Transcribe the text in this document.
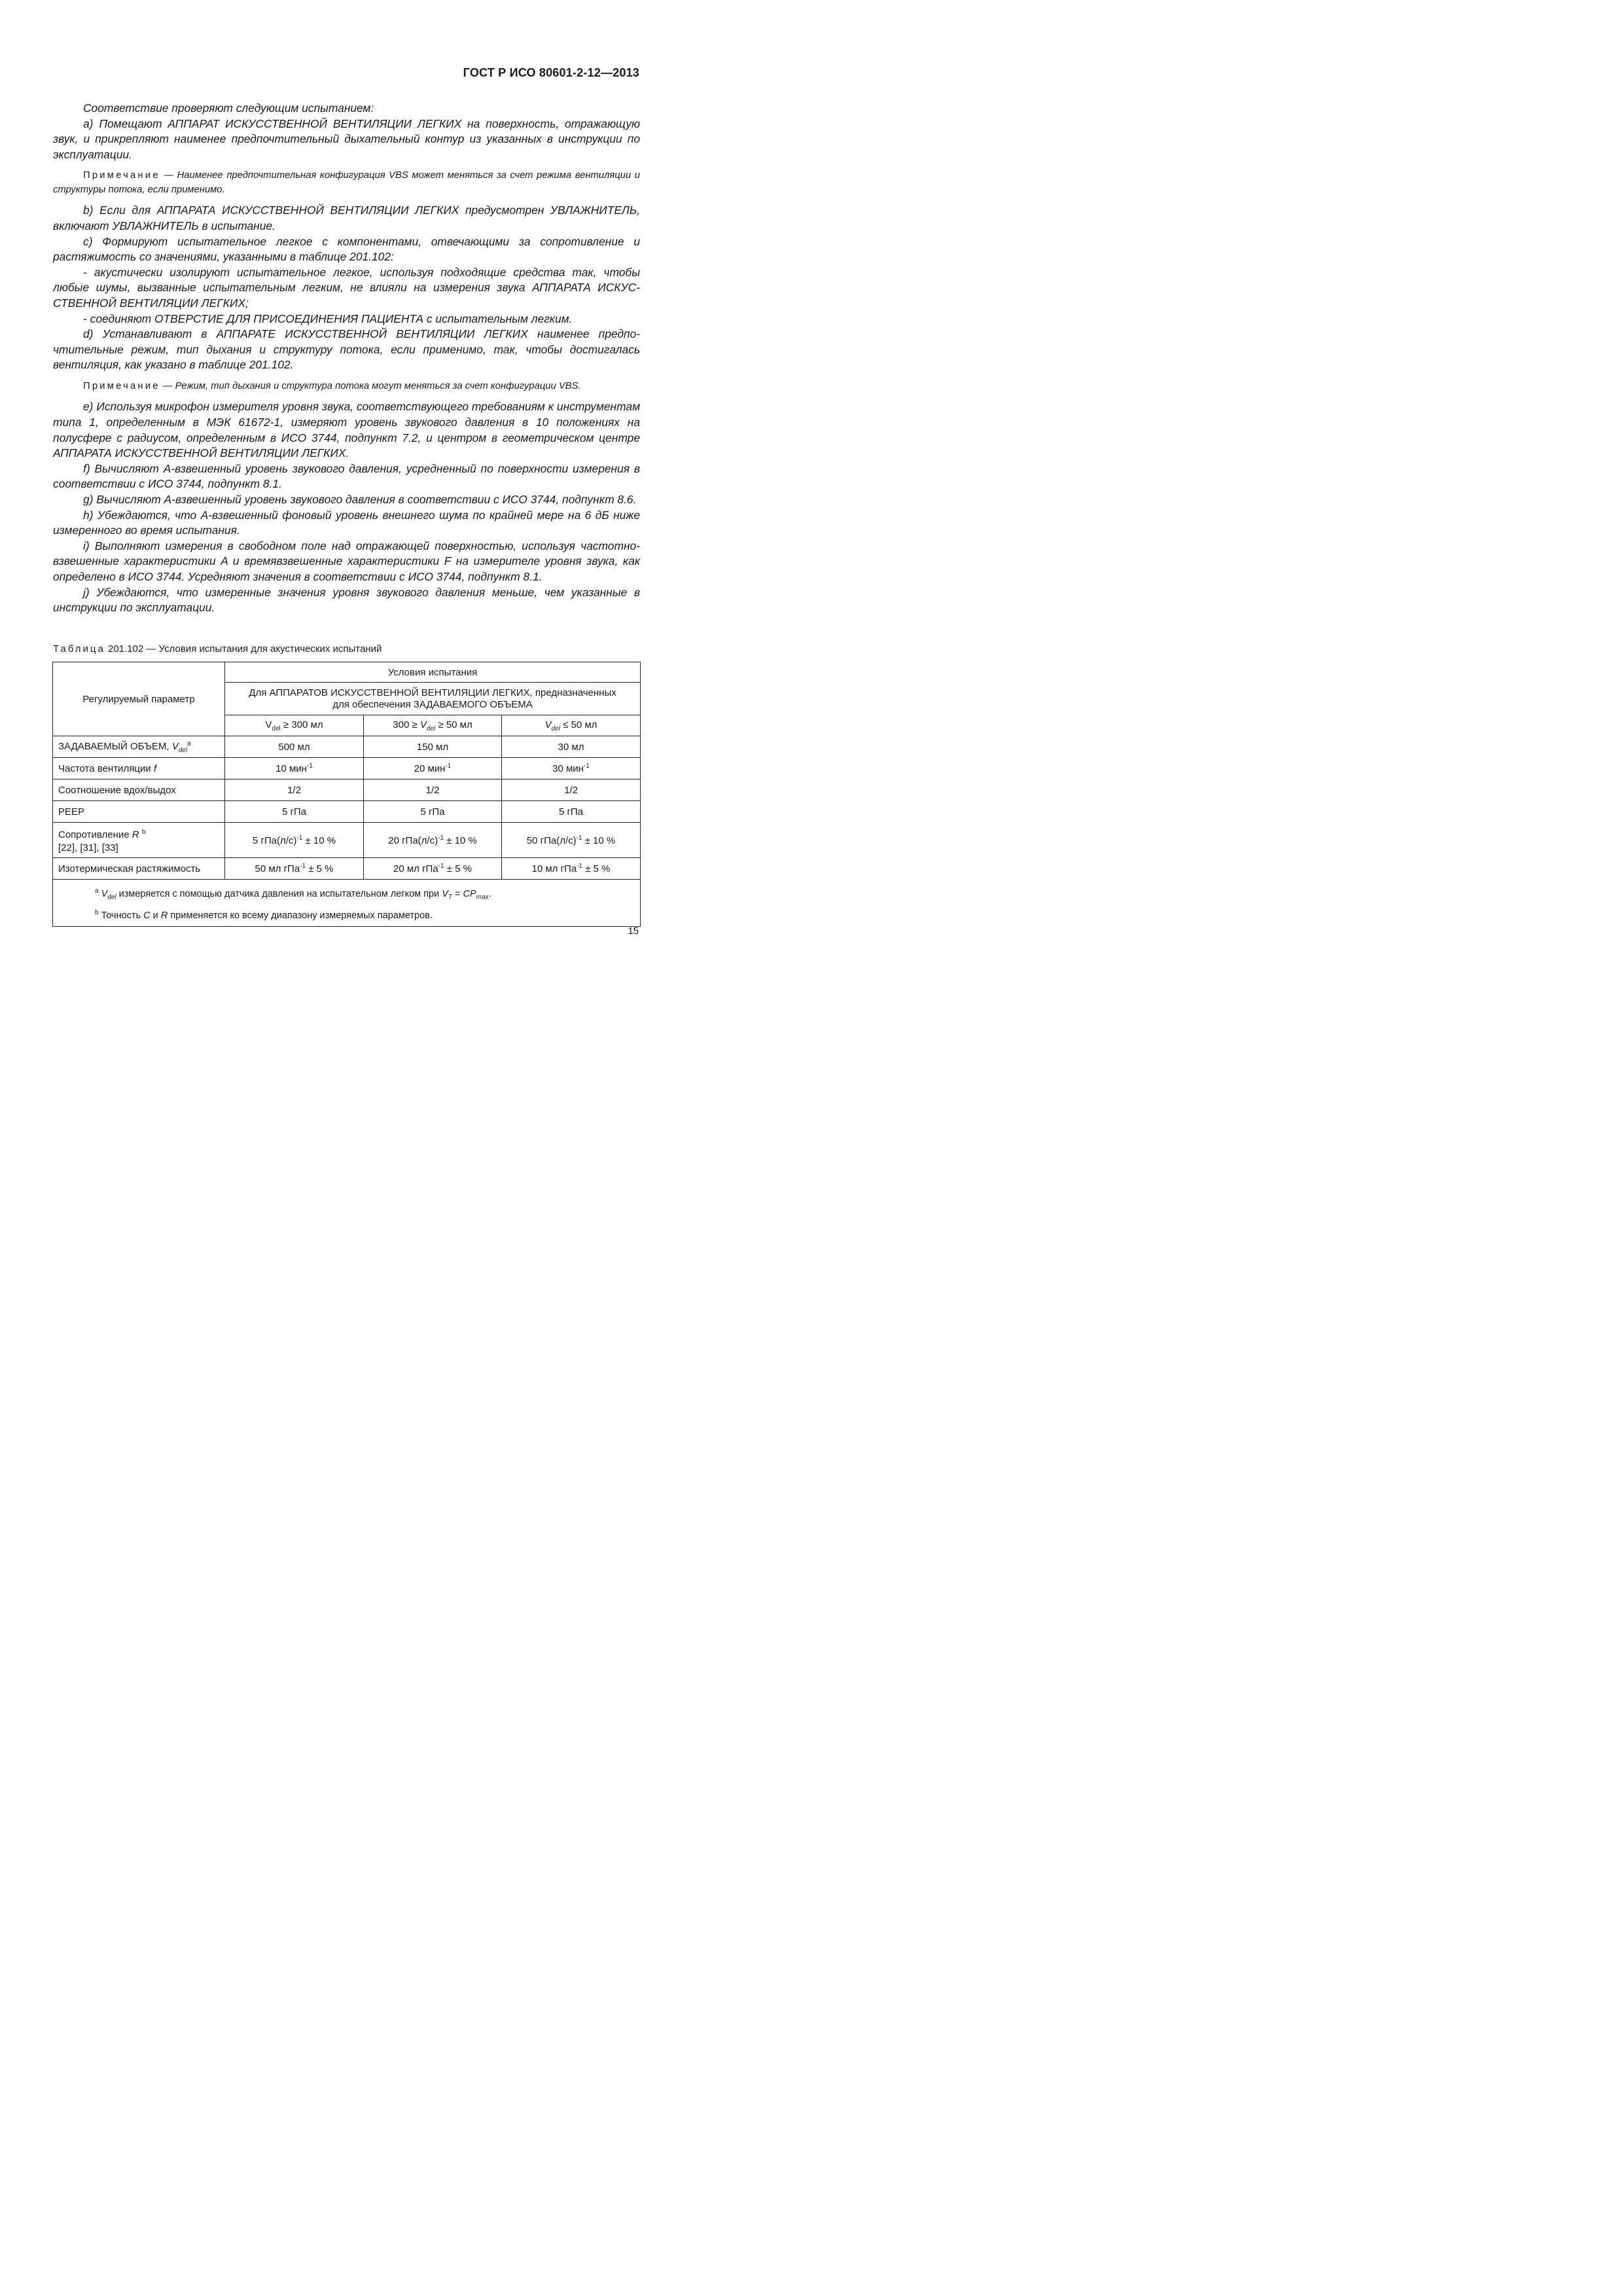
ГОСТ Р ИСО 80601-2-12—2013

Соответствие проверяют следующим испытанием:

a) Помещают АППАРАТ ИСКУССТВЕННОЙ ВЕНТИЛЯЦИИ ЛЕГКИХ на поверхность, отражающую звук, и прикрепляют наименее предпочтительный дыхательный контур из указанных в инструкции по эксплуатации.

Примечание — Наименее предпочтительная конфигурация VBS может меняться за счет режима вентиляции и структуры потока, если применимо.

b) Если для АППАРАТА ИСКУССТВЕННОЙ ВЕНТИЛЯЦИИ ЛЕГКИХ предусмотрен УВЛАЖНИТЕЛЬ, включают УВЛАЖНИТЕЛЬ в испытание.

c) Формируют испытательное легкое с компонентами, отвечающими за сопротивление и растяжимость со значениями, указанными в таблице 201.102:

- акустически изолируют испытательное легкое, используя подходящие средства так, чтобы любые шумы, вызванные испытательным легким, не влияли на измерения звука АППАРАТА ИСКУССТВЕННОЙ ВЕНТИЛЯЦИИ ЛЕГКИХ;

- соединяют ОТВЕРСТИЕ ДЛЯ ПРИСОЕДИНЕНИЯ ПАЦИЕНТА с испытательным легким.

d) Устанавливают в АППАРАТЕ ИСКУССТВЕННОЙ ВЕНТИЛЯЦИИ ЛЕГКИХ наименее предпочтительные режим, тип дыхания и структуру потока, если применимо, так, чтобы достигалась вентиляция, как указано в таблице 201.102.

Примечание — Режим, тип дыхания и структура потока могут меняться за счет конфигурации VBS.

e) Используя микрофон измерителя уровня звука, соответствующего требованиям к инструментам типа 1, определенным в МЭК 61672-1, измеряют уровень звукового давления в 10 положениях на полусфере с радиусом, определенным в ИСО 3744, подпункт 7.2, и центром в геометрическом центре АППАРАТА ИСКУССТВЕННОЙ ВЕНТИЛЯЦИИ ЛЕГКИХ.

f) Вычисляют A-взвешенный уровень звукового давления, усредненный по поверхности измерения в соответствии с ИСО 3744, подпункт 8.1.

g) Вычисляют A-взвешенный уровень звукового давления в соответствии с ИСО 3744, подпункт 8.6.

h) Убеждаются, что A-взвешенный фоновый уровень внешнего шума по крайней мере на 6 дБ ниже измеренного во время испытания.

i) Выполняют измерения в свободном поле над отражающей поверхностью, используя частотно-взвешенные характеристики A и времявзвешенные характеристики F на измерителе уровня звука, как определено в ИСО 3744. Усредняют значения в соответствии с ИСО 3744, подпункт 8.1.

j) Убеждаются, что измеренные значения уровня звукового давления меньше, чем указанные в инструкции по эксплуатации.

Таблица 201.102 — Условия испытания для акустических испытаний
Регулируемый параметр	Условия испытания		
	Для АППАРАТОВ ИСКУССТВЕННОЙ ВЕНТИЛЯЦИИ ЛЕГКИХ, предназначенных для обеспечения ЗАДАВАЕМОГО ОБЪЕМА		
	$V_{del} \ge 300$ мл	$300 \ge V_{del} \ge 50$ мл	$V_{del} \le 50$ мл
ЗАДАВАЕМЫЙ ОБЪЕМ, $V_{del}^a$	500 мл	150 мл	30 мл
Частота вентиляции f	10 мин$^{-1}$	20 мин$^{-1}$	30 мин$^{-1}$
Соотношение вдох/выдох	1/2	1/2	1/2
PEEP	5 гПа	5 гПа	5 гПа
Сопротивление R $^b$
[22], [31], [33]	5 $гПа(л/с)^{-1} \pm 10$ %	20 $гПа(л/с)^{-1} \pm 10$ %	50 $гПа(л/с)^{-1} \pm 10$ %
Изотермическая растяжимость	50 мл гПа$^{-1}$ ± 5 %	20 мл гПа$^{-1}$ ± 5 %	10 мл гПа$^{-1}$ ± 5 %

$^a$ $V_{del}$ измеряется с помощью датчика давления на испытательном легком при $V_T = CP_{max}$.
$^b$ Точность C и R применяется ко всему диапазону измеряемых параметров.			
15
